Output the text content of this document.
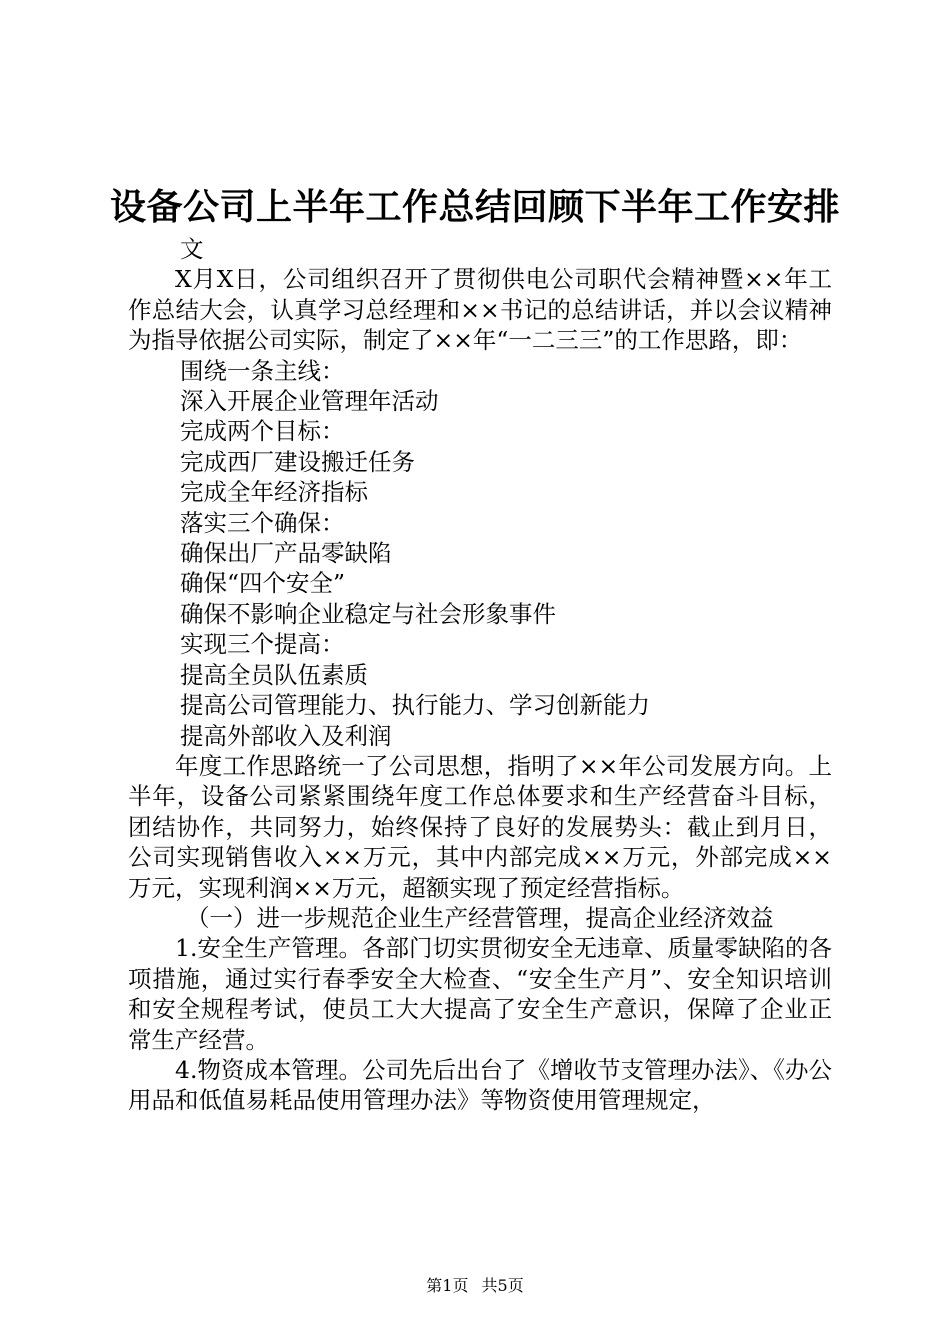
设备公司上半年工作总结回顾下半年工作安排

文

X月X日，公司组织召开了贯彻供电公司职代会精神暨××年工作总结大会，认真学习总经理和××书记的总结讲话，并以会议精神为指导依据公司实际，制定了××年“一二三三”的工作思路，即：

围绕一条主线：

深入开展企业管理年活动

完成两个目标：

完成西厂建设搬迁任务

完成全年经济指标

落实三个确保：

确保出厂产品零缺陷

确保“四个安全”

确保不影响企业稳定与社会形象事件

实现三个提高：

提高全员队伍素质

提高公司管理能力、执行能力、学习创新能力

提高外部收入及利润

年度工作思路统一了公司思想，指明了××年公司发展方向。上半年，设备公司紧紧围绕年度工作总体要求和生产经营奋斗目标，团结协作，共同努力，始终保持了良好的发展势头：截止到月日，公司实现销售收入××万元，其中内部完成××万元，外部完成××万元，实现利润××万元，超额实现了预定经营指标。

（一）进一步规范企业生产经营管理，提高企业经济效益

1.安全生产管理。各部门切实贯彻安全无违章、质量零缺陷的各项措施，通过实行春季安全大检查、“安全生产月”、安全知识培训和安全规程考试，使员工大大提高了安全生产意识，保障了企业正常生产经营。

4.物资成本管理。公司先后出台了《增收节支管理办法》、《办公用品和低值易耗品使用管理办法》等物资使用管理规定，

第1页 共5页
